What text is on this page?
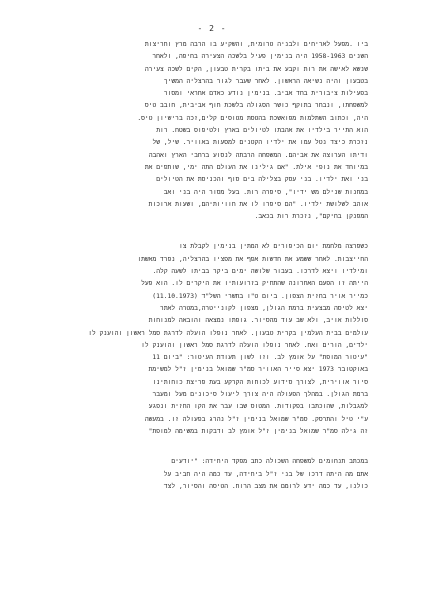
- 2 -

ביו .מפעל לאריחים ולבניה טרומית, והשקיע בו הרבה מרץ וחריצות

השנים 1958-1963 היה בנימין פעיל בלשכה הצעירה בחיפה, ולאחר

שנשא לאישה את רות וקבע את ביתו בקרית טבעון, הקים לשכה צעירה

בטבעון והיה נשיאה הראשון. לאחר שעבר לגור בהרצליה המשיך

בפעילות ציבורית בחד אביב. בנימין נודע כאדם אחראי ומסור

למשפחתו, ונבחר בתוקף כושר הסגולה בלשכת חוף אביבית, חובב טיס

היה, וכתוב השתלמות מפואשכת בהטסת מטוסים קלים,זכה ברישיון טיס.

הוא התייר בילדיו את אהבתו לטיולים בארץ ולטיפוס בשטח. רות

נזכרת כיצד נטל עמו את ילדיו הקטנים למסעות באוויר. שיל, של

ודיתו הערוצה את אביהם. המשפחה הרבתה לנסוע ברחבי הארץ ואהבה

במיוחד את נופי אילת. "אם גילינו את העולם התה ימי, שותפים את

בני ואת ילדיו. בני עסק בצלילה בים סוף והכניסת את הטיולים

במחנות שנילם מש ידיו", סיפרה רות. בעל מסור היה בני ואב

אוהב לשלושת ילדיו. "הם סיפרו לו את חוויותיהם, ושעות ארוכות

המפנקן בחיקם", נזכרת רות בכאב.

כשפרצה מלחמת יום הכיפורים לא המתין בנימין לקבלת צו

החייצבות. לאחר ששמע את חדשות אפף את מפציו בהרצליה, נפרד מאשתו

ומילדיו ויצא לדרכו. בעבור שלושה ימים ביקר בביתו לשעה קלה.

הייתה זו הפעם האחרונה שהתחיק בזרועותיו את היקרים לו. הוא פעל

כמייר אויר בחזית הצפון. ביום ט"ו בתשרי השל"ד (11.10.1973)

יצא לטיסה מבצעית ברמת הגולן, מצפון לקונייטרה,במטרה לאתר

סוללות אויב, ולא שב עוד מהסיור. גופתו נמצאה והובאה למנוחות

עולמים בבית העלמין בקרית טבעון. לאחר נופלו הועלה לדרגת סמל ראשון והוענק לו

ילדים, הורים ואח. לאחר נופלו הועלה לדרגת סמל ראשון והוענק לו

"עיטור המופת" על אומץ לב. וזו לשון תעודת העיטור: "ביום 11

באוקטובר 1973 יצא סייר האוויר סמ"ר שמואל בנימין ז"ל למשימת

סיור אווירית, לצורך סידוע לכוחות הקרקע בעת פריצת כוחותינו

ברמת הגולן. במהלך הפעולה היה צורך ליעול סיכונים מעל ומעבר

למגבלות, שהוכתבו בפקודות. המטוס שבו עבר את הקו החזית ונפגע

ע"י טיל והתרסק. סמ"ר שמואל בנימין ז"ל נהרג בפעולה זו. במעשה

זה גילה סמ"ר שמואל בנימין ז"ל אומץ לב ודבקות במשימה למופת"

במכתב תנחומים למשפחה השכולה כתב מפקד היחידה: "יודעים

אתם מה היתה דרכו של בני ז"ל ביחידה, עד כמה היה חביב על

כולנו, עד כמה ידע לרומם את מצב הרוח. הטיסה והסיור, לצד
